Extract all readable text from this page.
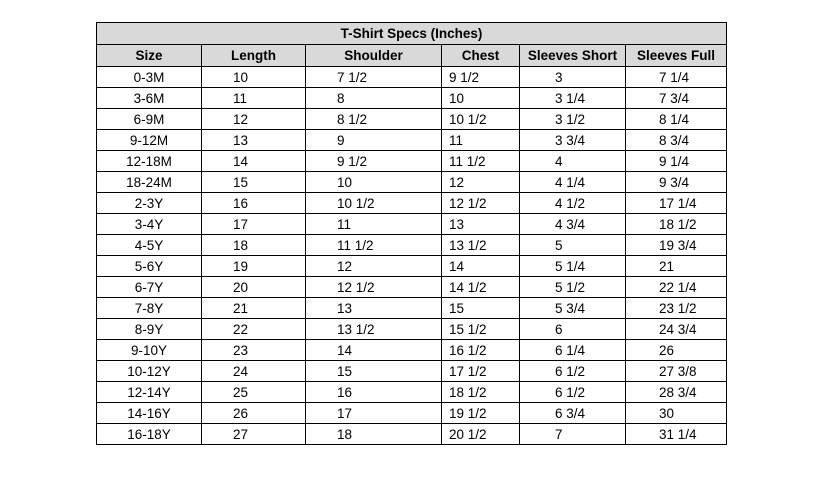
T-Shirt Specs (Inches)					
Size	Length	Shoulder	Chest	Sleeves Short	Sleeves Full
0-3M	10	7 1/2	9 1/2	3	7 1/4
3-6M	11	8	10	3 1/4	7 3/4
6-9M	12	8 1/2	10 1/2	3 1/2	8 1/4
9-12M	13	9	11	3 3/4	8 3/4
12-18M	14	9 1/2	11 1/2	4	9 1/4
18-24M	15	10	12	4 1/4	9 3/4
2-3Y	16	10 1/2	12 1/2	4 1/2	17 1/4
3-4Y	17	11	13	4 3/4	18 1/2
4-5Y	18	11 1/2	13 1/2	5	19 3/4
5-6Y	19	12	14	5 1/4	21
6-7Y	20	12 1/2	14 1/2	5 1/2	22 1/4
7-8Y	21	13	15	5 3/4	23 1/2
8-9Y	22	13 1/2	15 1/2	6	24 3/4
9-10Y	23	14	16 1/2	6 1/4	26
10-12Y	24	15	17 1/2	6 1/2	27 3/8
12-14Y	25	16	18 1/2	6 1/2	28 3/4
14-16Y	26	17	19 1/2	6 3/4	30
16-18Y	27	18	20 1/2	7	31 1/4
